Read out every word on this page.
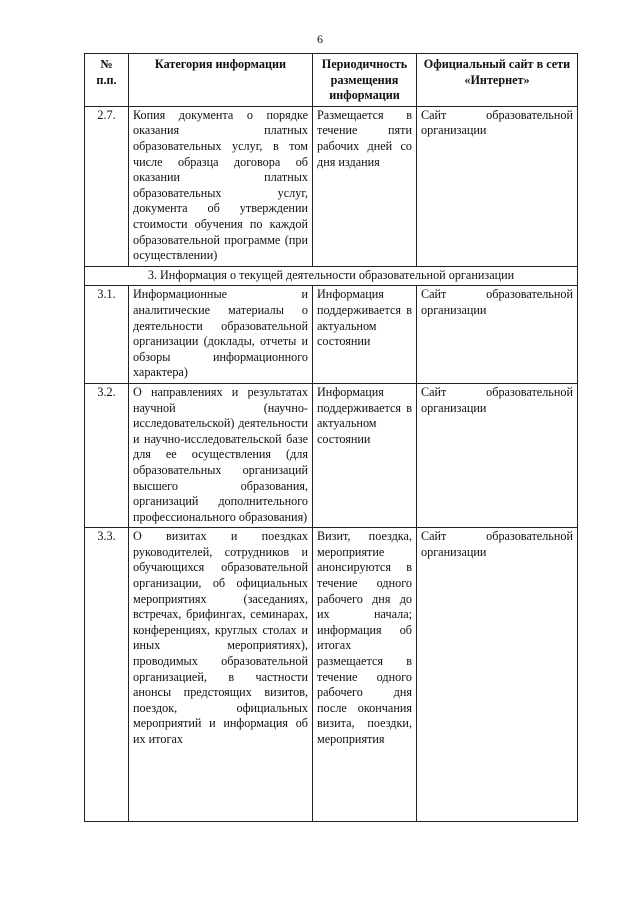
6
№ п.п.	Категория информации	Периодичность размещения информации	Официальный сайт в сети «Интернет»
2.7.	Копия документа о порядке оказания платных образовательных услуг, в том числе образца договора об оказании платных образовательных услуг, документа об утверждении стоимости обучения по каждой образовательной программе (при осуществлении)	Размещается в течение пяти рабочих дней со дня издания	Сайт образовательной организации
3. Информация о текущей деятельности образовательной организации			
3.1.	Информационные и аналитические материалы о деятельности образовательной организации (доклады, отчеты и обзоры информационного характера)	Информация поддерживается в актуальном состоянии	Сайт образовательной организации
3.2.	О направлениях и результатах научной (научно-исследовательской) деятельности и научно-исследовательской базе для ее осуществления (для образовательных организаций высшего образования, организаций дополнительного профессионального образования)	Информация поддерживается в актуальном состоянии	Сайт образовательной организации
3.3.	О визитах и поездках руководителей, сотрудников и обучающихся образовательной организации, об официальных мероприятиях (заседаниях, встречах, брифингах, семинарах, конференциях, круглых столах и иных мероприятиях), проводимых образовательной организацией, в частности анонсы предстоящих визитов, поездок, официальных мероприятий и информация об их итогах	Визит, поездка, мероприятие анонсируются в течение одного рабочего дня до их начала; информация об итогах размещается в течение одного рабочего дня после окончания визита, поездки, мероприятия	Сайт образовательной организации
